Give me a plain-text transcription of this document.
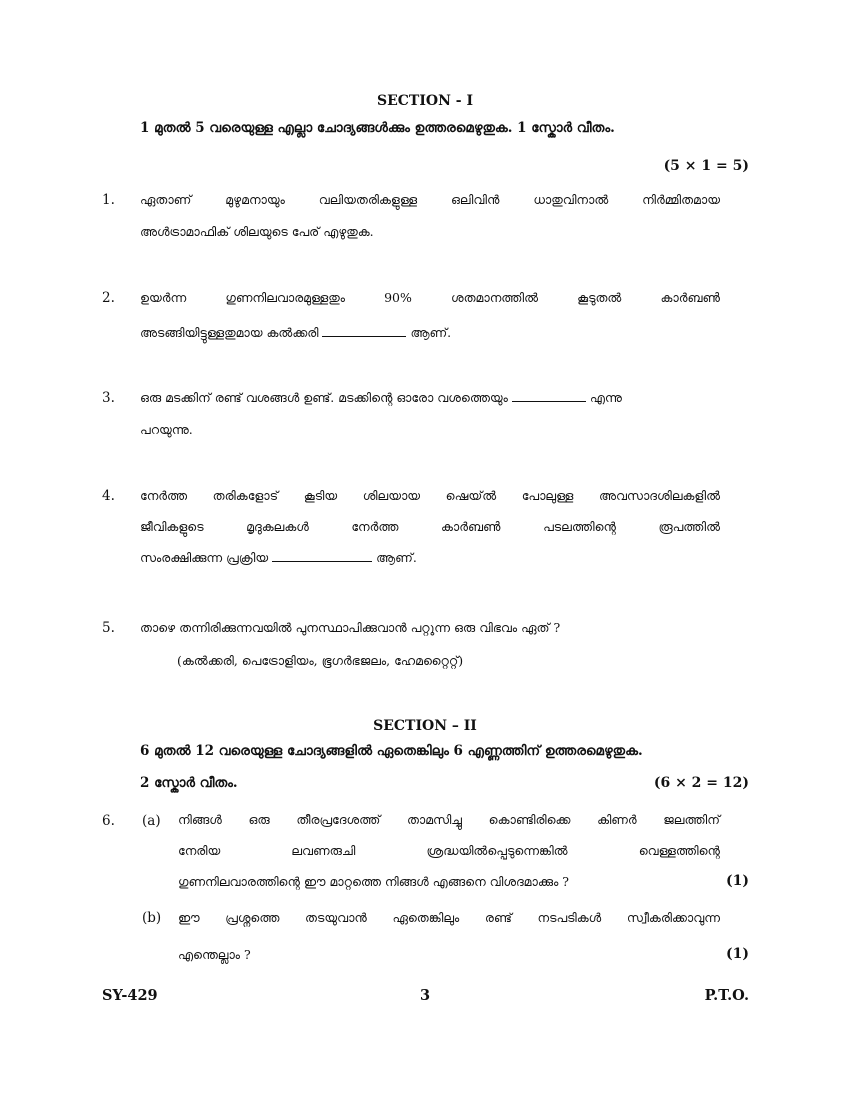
SECTION - I
1 മുതൽ 5 വരെയുള്ള എല്ലാ ചോദ്യങ്ങൾക്കും ഉത്തരമെഴുതുക. 1 സ്കോർ വീതം.
(5 × 1 = 5)
1. ഏതാണ് മുഴുമനായും വലിയതരികളുള്ള ഒലിവിൻ ധാതുവിനാൽ നിർമ്മിതമായ
അൾട്രാമാഫിക് ശിലയുടെ പേര് എഴുതുക.
2. ഉയർന്ന ഗുണനിലവാരമുള്ളതും 90% ശതമാനത്തിൽ കൂടുതൽ കാർബൺ
അടങ്ങിയിട്ടുള്ളതുമായ കൽക്കരി	ആണ്.
3. ഒരു മടക്കിന് രണ്ട് വശങ്ങൾ ഉണ്ട്. മടക്കിന്റെ ഓരോ വശത്തെയും	എന്നു
പറയുന്നു.
4. നേർത്ത തരികളോട് കൂടിയ ശിലയായ ഷെയ്ൽ പോലുള്ള അവസാദശിലകളിൽ
ജീവികളുടെ മൃദുകലകൾ നേർത്ത കാർബൺ പടലത്തിന്റെ രൂപത്തിൽ
സംരക്ഷിക്കുന്ന പ്രക്രിയ	ആണ്.
5. താഴെ തന്നിരിക്കുന്നവയിൽ പുനസ്ഥാപിക്കുവാൻ പറ്റുന്ന ഒരു വിഭവം ഏത് ?
(കൽക്കരി, പെട്രോളിയം, ഭൂഗർഭജലം, ഹേമറ്റൈറ്റ്)
SECTION – II
6 മുതൽ 12 വരെയുള്ള ചോദ്യങ്ങളിൽ ഏതെങ്കിലും 6 എണ്ണത്തിന് ഉത്തരമെഴുതുക.
2 സ്കോർ വീതം.	(6 × 2 = 12)
6. (a) നിങ്ങൾ ഒരു തീരപ്രദേശത്ത് താമസിച്ചു കൊണ്ടിരിക്കെ കിണർ ജലത്തിന്
നേരിയ ലവണരുചി ശ്രദ്ധയിൽപ്പെടുന്നെങ്കിൽ വെള്ളത്തിന്റെ
ഗുണനിലവാരത്തിന്റെ ഈ മാറ്റത്തെ നിങ്ങൾ എങ്ങനെ വിശദമാക്കും ?	(1)
(b) ഈ പ്രശ്നത്തെ തടയുവാൻ ഏതെങ്കിലും രണ്ട് നടപടികൾ സ്വീകരിക്കാവുന്ന
എന്തെല്ലാം ?	(1)
SY-429	3	P.T.O.
